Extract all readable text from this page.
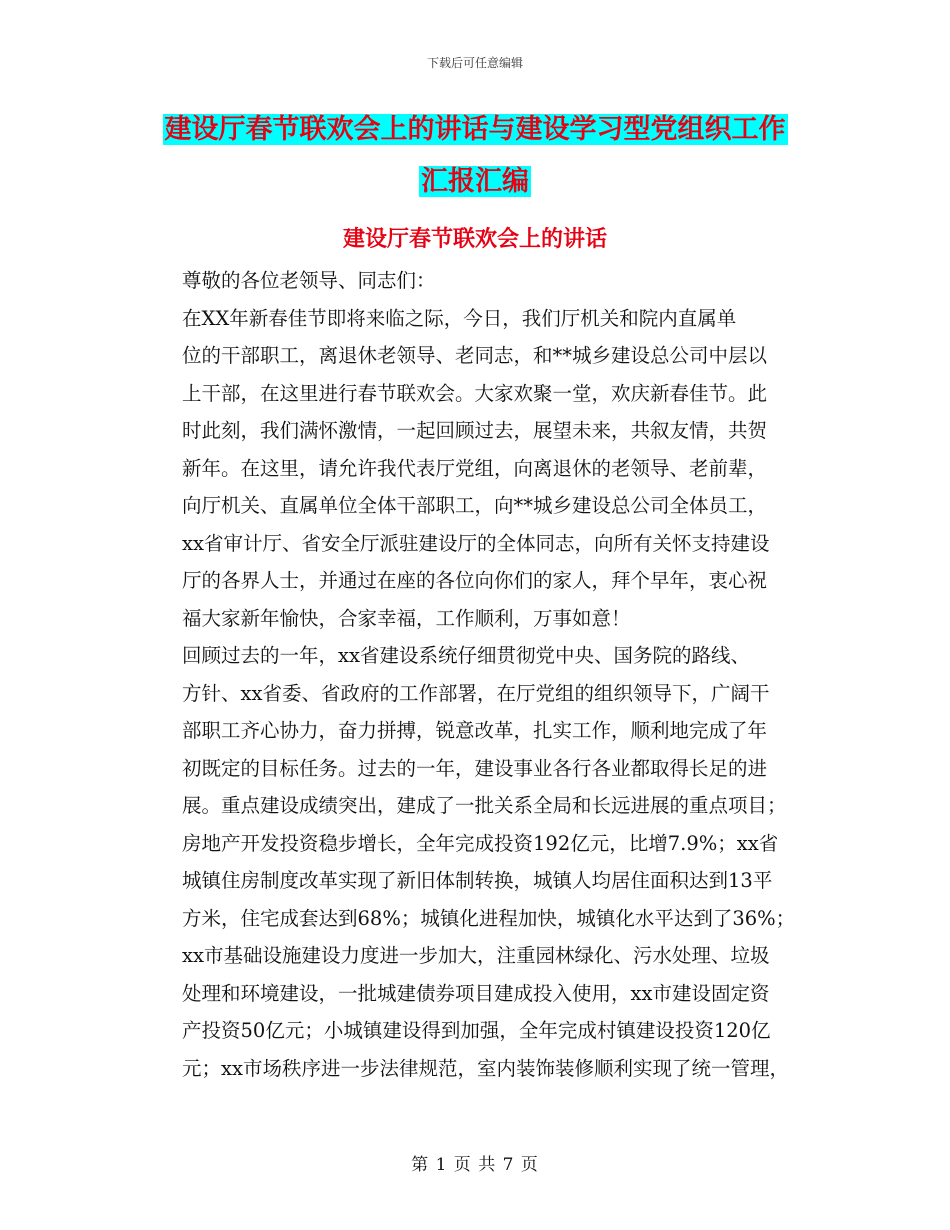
下载后可任意编辑
建设厅春节联欢会上的讲话与建设学习型党组织工作
汇报汇编
建设厅春节联欢会上的讲话

尊敬的各位老领导、同志们：

在XX年新春佳节即将来临之际，今日，我们厅机关和院内直属单
位的干部职工，离退休老领导、老同志，和**城乡建设总公司中层以
上干部，在这里进行春节联欢会。大家欢聚一堂，欢庆新春佳节。此
时此刻，我们满怀激情，一起回顾过去，展望未来，共叙友情，共贺
新年。在这里，请允许我代表厅党组，向离退休的老领导、老前辈，
向厅机关、直属单位全体干部职工，向**城乡建设总公司全体员工，
xx省审计厅、省安全厅派驻建设厅的全体同志，向所有关怀支持建设
厅的各界人士，并通过在座的各位向你们的家人，拜个早年，衷心祝
福大家新年愉快，合家幸福，工作顺利，万事如意！

回顾过去的一年，xx省建设系统仔细贯彻党中央、国务院的路线、
方针、xx省委、省政府的工作部署，在厅党组的组织领导下，广阔干
部职工齐心协力，奋力拼搏，锐意改革，扎实工作，顺利地完成了年
初既定的目标任务。过去的一年，建设事业各行各业都取得长足的进
展。重点建设成绩突出，建成了一批关系全局和长远进展的重点项目；
房地产开发投资稳步增长，全年完成投资192亿元，比增7.9%；xx省
城镇住房制度改革实现了新旧体制转换，城镇人均居住面积达到13平
方米，住宅成套达到68%；城镇化进程加快，城镇化水平达到了36%；
xx市基础设施建设力度进一步加大，注重园林绿化、污水处理、垃圾
处理和环境建设，一批城建债券项目建成投入使用，xx市建设固定资
产投资50亿元；小城镇建设得到加强，全年完成村镇建设投资120亿
元；xx市场秩序进一步法律规范，室内装饰装修顺利实现了统一管理，

第 1 页 共 7 页
